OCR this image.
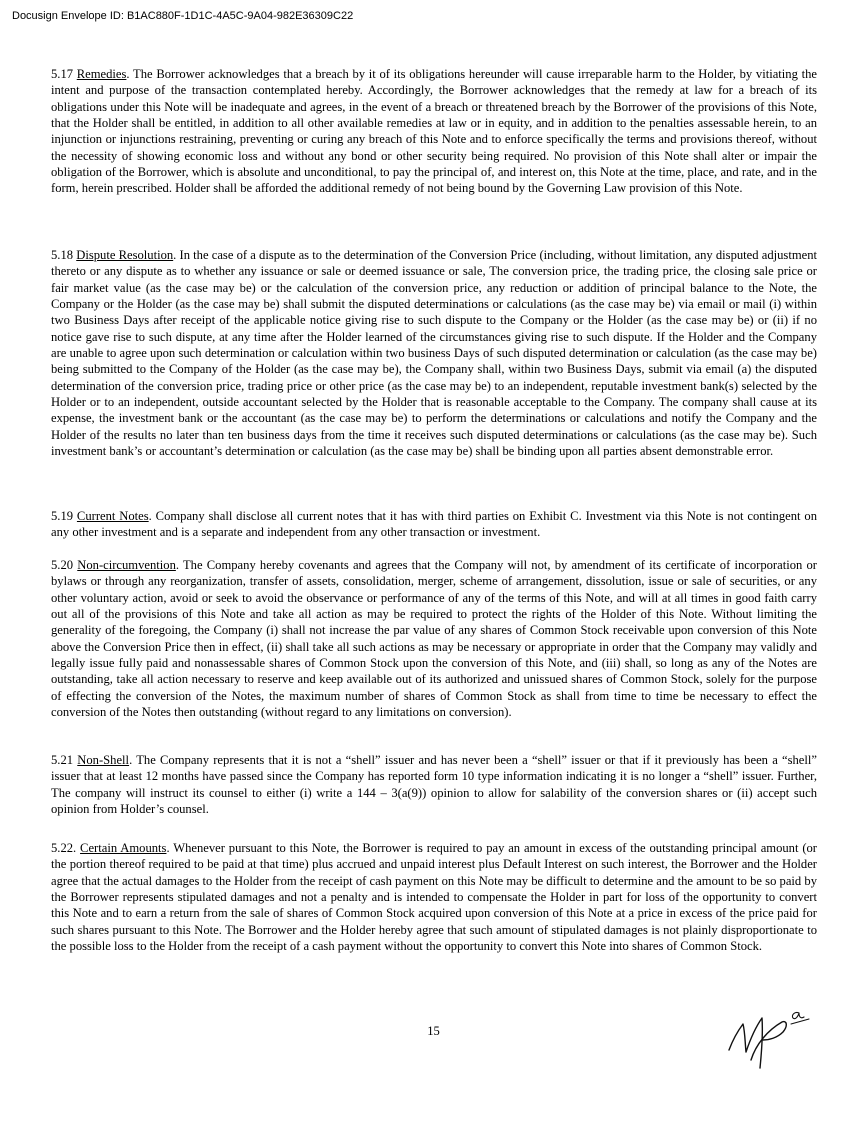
Docusign Envelope ID: B1AC880F-1D1C-4A5C-9A04-982E36309C22

5.17 Remedies. The Borrower acknowledges that a breach by it of its obligations hereunder will cause irreparable harm to the Holder, by vitiating the intent and purpose of the transaction contemplated hereby. Accordingly, the Borrower acknowledges that the remedy at law for a breach of its obligations under this Note will be inadequate and agrees, in the event of a breach or threatened breach by the Borrower of the provisions of this Note, that the Holder shall be entitled, in addition to all other available remedies at law or in equity, and in addition to the penalties assessable herein, to an injunction or injunctions restraining, preventing or curing any breach of this Note and to enforce specifically the terms and provisions thereof, without the necessity of showing economic loss and without any bond or other security being required. No provision of this Note shall alter or impair the obligation of the Borrower, which is absolute and unconditional, to pay the principal of, and interest on, this Note at the time, place, and rate, and in the form, herein prescribed. Holder shall be afforded the additional remedy of not being bound by the Governing Law provision of this Note.

5.18 Dispute Resolution. In the case of a dispute as to the determination of the Conversion Price (including, without limitation, any disputed adjustment thereto or any dispute as to whether any issuance or sale or deemed issuance or sale, The conversion price, the trading price, the closing sale price or fair market value (as the case may be) or the calculation of the conversion price, any reduction or addition of principal balance to the Note, the Company or the Holder (as the case may be) shall submit the disputed determinations or calculations (as the case may be) via email or mail (i) within two Business Days after receipt of the applicable notice giving rise to such dispute to the Company or the Holder (as the case may be) or (ii) if no notice gave rise to such dispute, at any time after the Holder learned of the circumstances giving rise to such dispute. If the Holder and the Company are unable to agree upon such determination or calculation within two business Days of such disputed determination or calculation (as the case may be) being submitted to the Company of the Holder (as the case may be), the Company shall, within two Business Days, submit via email (a) the disputed determination of the conversion price, trading price or other price (as the case may be) to an independent, reputable investment bank(s) selected by the Holder or to an independent, outside accountant selected by the Holder that is reasonable acceptable to the Company. The company shall cause at its expense, the investment bank or the accountant (as the case may be) to perform the determinations or calculations and notify the Company and the Holder of the results no later than ten business days from the time it receives such disputed determinations or calculations (as the case may be). Such investment bank’s or accountant’s determination or calculation (as the case may be) shall be binding upon all parties absent demonstrable error.

5.19 Current Notes. Company shall disclose all current notes that it has with third parties on Exhibit C. Investment via this Note is not contingent on any other investment and is a separate and independent from any other transaction or investment.

5.20 Non-circumvention. The Company hereby covenants and agrees that the Company will not, by amendment of its certificate of incorporation or bylaws or through any reorganization, transfer of assets, consolidation, merger, scheme of arrangement, dissolution, issue or sale of securities, or any other voluntary action, avoid or seek to avoid the observance or performance of any of the terms of this Note, and will at all times in good faith carry out all of the provisions of this Note and take all action as may be required to protect the rights of the Holder of this Note. Without limiting the generality of the foregoing, the Company (i) shall not increase the par value of any shares of Common Stock receivable upon conversion of this Note above the Conversion Price then in effect, (ii) shall take all such actions as may be necessary or appropriate in order that the Company may validly and legally issue fully paid and nonassessable shares of Common Stock upon the conversion of this Note, and (iii) shall, so long as any of the Notes are outstanding, take all action necessary to reserve and keep available out of its authorized and unissued shares of Common Stock, solely for the purpose of effecting the conversion of the Notes, the maximum number of shares of Common Stock as shall from time to time be necessary to effect the conversion of the Notes then outstanding (without regard to any limitations on conversion).

5.21 Non-Shell. The Company represents that it is not a “shell” issuer and has never been a “shell” issuer or that if it previously has been a “shell” issuer that at least 12 months have passed since the Company has reported form 10 type information indicating it is no longer a “shell” issuer. Further, The company will instruct its counsel to either (i) write a 144 – 3(a(9)) opinion to allow for salability of the conversion shares or (ii) accept such opinion from Holder’s counsel.

5.22. Certain Amounts. Whenever pursuant to this Note, the Borrower is required to pay an amount in excess of the outstanding principal amount (or the portion thereof required to be paid at that time) plus accrued and unpaid interest plus Default Interest on such interest, the Borrower and the Holder agree that the actual damages to the Holder from the receipt of cash payment on this Note may be difficult to determine and the amount to be so paid by the Borrower represents stipulated damages and not a penalty and is intended to compensate the Holder in part for loss of the opportunity to convert this Note and to earn a return from the sale of shares of Common Stock acquired upon conversion of this Note at a price in excess of the price paid for such shares pursuant to this Note. The Borrower and the Holder hereby agree that such amount of stipulated damages is not plainly disproportionate to the possible loss to the Holder from the receipt of a cash payment without the opportunity to convert this Note into shares of Common Stock.

15
